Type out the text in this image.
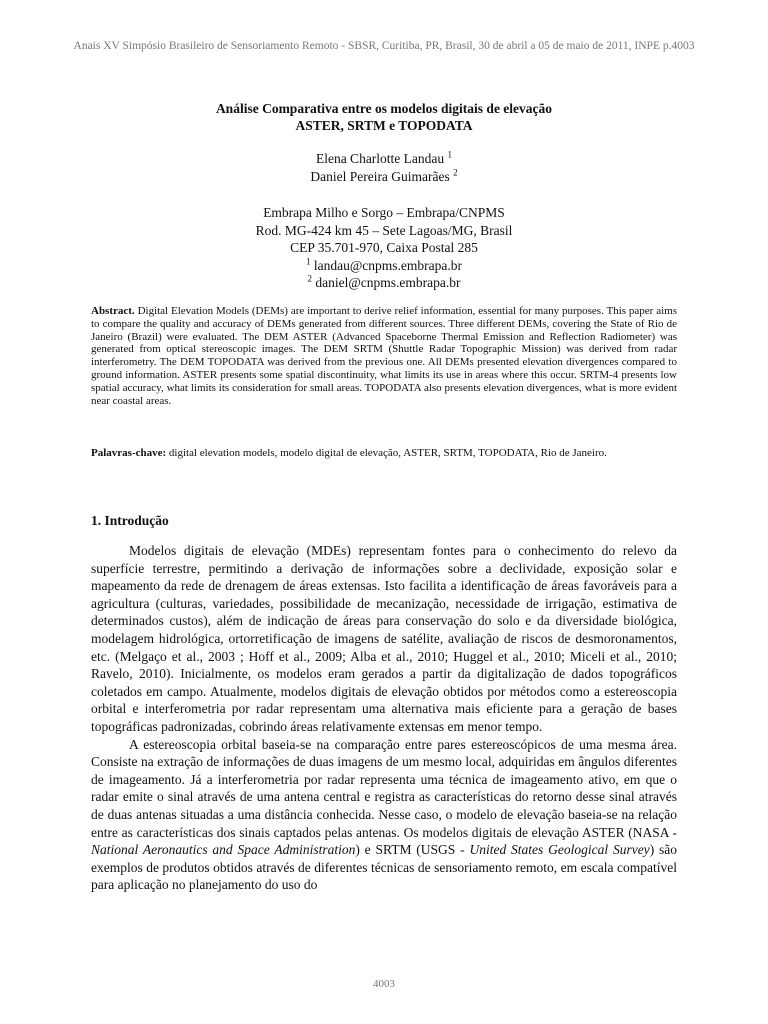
Anais XV Simpósio Brasileiro de Sensoriamento Remoto - SBSR, Curitiba, PR, Brasil, 30 de abril a 05 de maio de 2011, INPE p.4003
Análise Comparativa entre os modelos digitais de elevação
ASTER, SRTM e TOPODATA
Elena Charlotte Landau $^1$
Daniel Pereira Guimarães $^2$
Embrapa Milho e Sorgo – Embrapa/CNPMS
Rod. MG-424 km 45 – Sete Lagoas/MG, Brasil
CEP 35.701-970, Caixa Postal 285
$^1$ landau@cnpms.embrapa.br
$^2$ daniel@cnpms.embrapa.br
Abstract. Digital Elevation Models (DEMs) are important to derive relief information, essential for many purposes. This paper aims to compare the quality and accuracy of DEMs generated from different sources. Three different DEMs, covering the State of Rio de Janeiro (Brazil) were evaluated. The DEM ASTER (Advanced Spaceborne Thermal Emission and Reflection Radiometer) was generated from optical stereoscopic images. The DEM SRTM (Shuttle Radar Topographic Mission) was derived from radar interferometry. The DEM TOPODATA was derived from the previous one. All DEMs presented elevation divergences compared to ground information. ASTER presents some spatial discontinuity, what limits its use in areas where this occur. SRTM-4 presents low spatial accuracy, what limits its consideration for small areas. TOPODATA also presents elevation divergences, what is more evident near coastal areas.
Palavras-chave: digital elevation models, modelo digital de elevação, ASTER, SRTM, TOPODATA, Rio de Janeiro.
1. Introdução

Modelos digitais de elevação (MDEs) representam fontes para o conhecimento do relevo da superfície terrestre, permitindo a derivação de informações sobre a declividade, exposição solar e mapeamento da rede de drenagem de áreas extensas. Isto facilita a identificação de áreas favoráveis para a agricultura (culturas, variedades, possibilidade de mecanização, necessidade de irrigação, estimativa de determinados custos), além de indicação de áreas para conservação do solo e da diversidade biológica, modelagem hidrológica, ortorretificação de imagens de satélite, avaliação de riscos de desmoronamentos, etc. (Melgaço et al., 2003 ; Hoff et al., 2009; Alba et al., 2010; Huggel et al., 2010; Miceli et al., 2010; Ravelo, 2010). Inicialmente, os modelos eram gerados a partir da digitalização de dados topográficos coletados em campo. Atualmente, modelos digitais de elevação obtidos por métodos como a estereoscopia orbital e interferometria por radar representam uma alternativa mais eficiente para a geração de bases topográficas padronizadas, cobrindo áreas relativamente extensas em menor tempo.

A estereoscopia orbital baseia-se na comparação entre pares estereoscópicos de uma mesma área. Consiste na extração de informações de duas imagens de um mesmo local, adquiridas em ângulos diferentes de imageamento. Já a interferometria por radar representa uma técnica de imageamento ativo, em que o radar emite o sinal através de uma antena central e registra as características do retorno desse sinal através de duas antenas situadas a uma distância conhecida. Nesse caso, o modelo de elevação baseia-se na relação entre as características dos sinais captados pelas antenas. Os modelos digitais de elevação ASTER (NASA - National Aeronautics and Space Administration) e SRTM (USGS - United States Geological Survey) são exemplos de produtos obtidos através de diferentes técnicas de sensoriamento remoto, em escala compatível para aplicação no planejamento do uso do

4003
